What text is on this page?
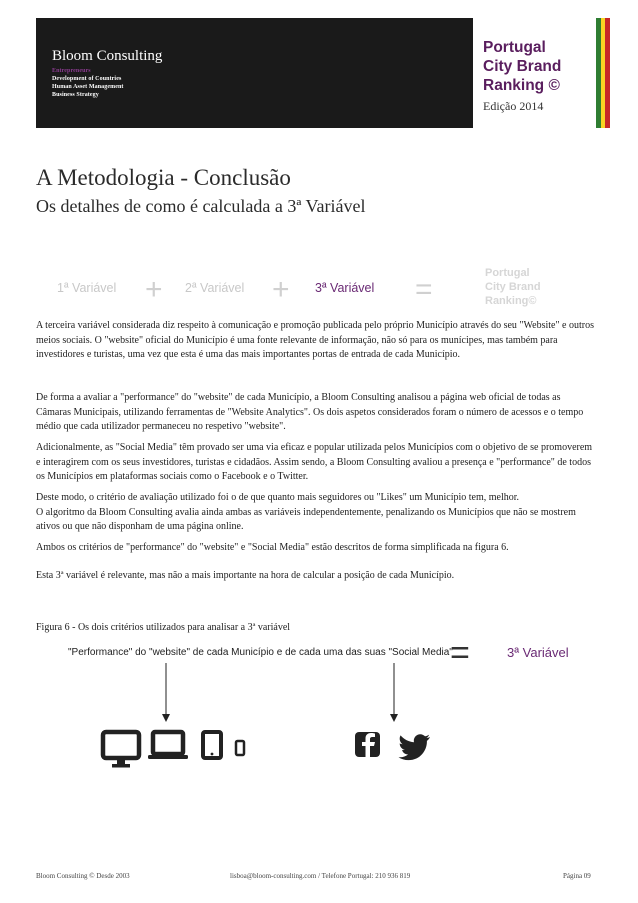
Bloom Consulting
Entrepreneurs
Development of Countries
Human Asset Management
Business Strategy
Portugal
City Brand
Ranking ©
Edição 2014
A Metodologia - Conclusão
Os detalhes de como é calculada a 3ª Variável
1ª Variável + 2ª Variável + 3ª Variável =	Portugal
City Brand
Ranking©

A terceira variável considerada diz respeito à comunicação e promoção publicada pelo próprio Município através do seu "Website" e outros meios sociais. O "website" oficial do Município é uma fonte relevante de informação, não só para os munícipes, mas também para investidores e turistas, uma vez que esta é uma das mais importantes portas de entrada de cada Município.

De forma a avaliar a "performance" do "website" de cada Município, a Bloom Consulting analisou a página web oficial de todas as Câmaras Municipais, utilizando ferramentas de "Website Analytics". Os dois aspetos considerados foram o número de acessos e o tempo médio que cada utilizador permaneceu no respetivo "website".

Adicionalmente, as "Social Media" têm provado ser uma via eficaz e popular utilizada pelos Municípios com o objetivo de se promoverem e interagirem com os seus investidores, turistas e cidadãos. Assim sendo, a Bloom Consulting avaliou a presença e "performance" de todos os Municípios em plataformas sociais como o Facebook e o Twitter.

Deste modo, o critério de avaliação utilizado foi o de que quanto mais seguidores ou "Likes" um Município tem, melhor.

O algoritmo da Bloom Consulting avalia ainda ambas as variáveis independentemente, penalizando os Municípios que não se mostrem ativos ou que não disponham de uma página online.

Ambos os critérios de "performance" do "website" e "Social Media" estão descritos de forma simplificada na figura 6.

Esta 3ª variável é relevante, mas não a mais importante na hora de calcular a posição de cada Município.

Figura 6 - Os dois critérios utilizados para analisar a 3ª variável
"Performance" do "website" de cada Município e de cada uma das suas "Social Media"
=	3ª Variável
Bloom Consulting © Desde 2003	lisboa@bloom-consulting.com / Telefone Portugal: 210 936 819	Página 09
